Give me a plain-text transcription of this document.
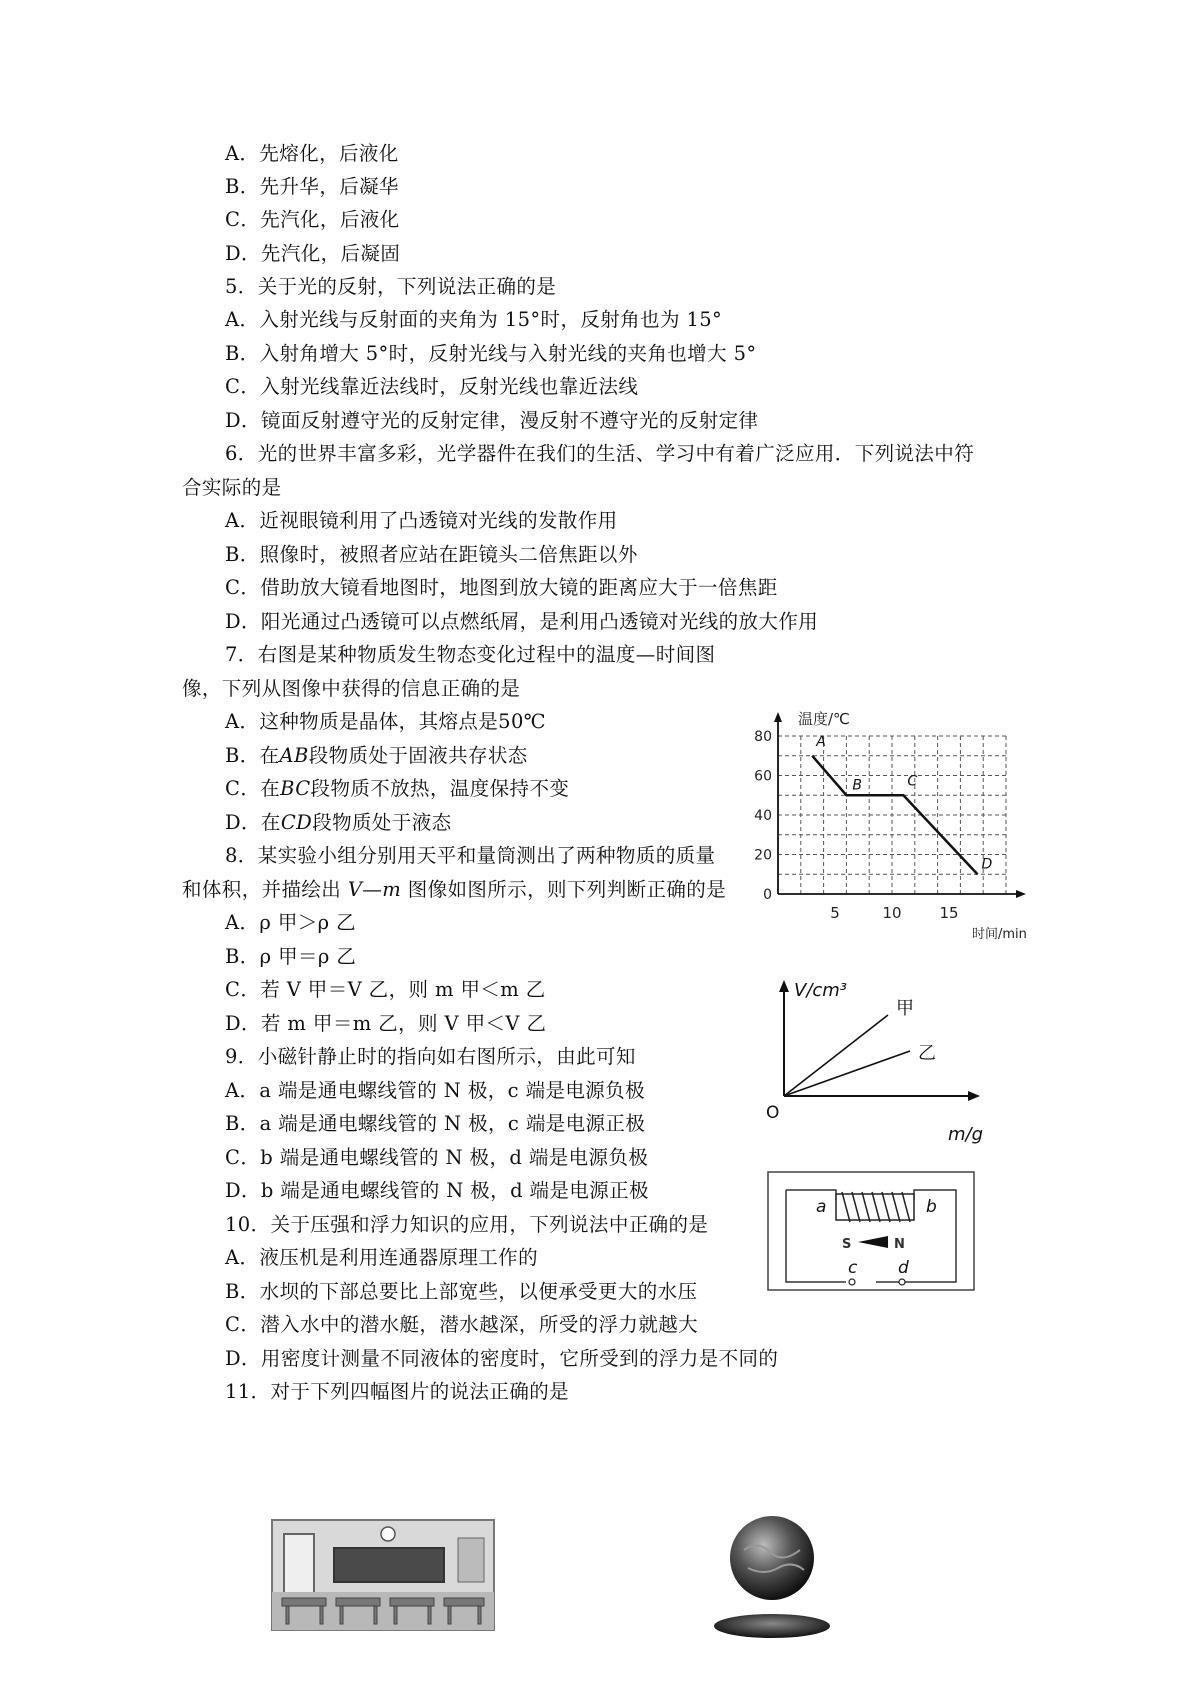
A．先熔化，后液化
B．先升华，后凝华
C．先汽化，后液化
D．先汽化，后凝固
5．关于光的反射，下列说法正确的是
A．入射光线与反射面的夹角为 15°时，反射角也为 15°
B．入射角增大 5°时，反射光线与入射光线的夹角也增大 5°
C．入射光线靠近法线时，反射光线也靠近法线
D．镜面反射遵守光的反射定律，漫反射不遵守光的反射定律
6．光的世界丰富多彩，光学器件在我们的生活、学习中有着广泛应用．下列说法中符
合实际的是
A．近视眼镜利用了凸透镜对光线的发散作用
B．照像时，被照者应站在距镜头二倍焦距以外
C．借助放大镜看地图时，地图到放大镜的距离应大于一倍焦距
D．阳光通过凸透镜可以点燃纸屑，是利用凸透镜对光线的放大作用
7．右图是某种物质发生物态变化过程中的温度—时间图
像，下列从图像中获得的信息正确的是
A．这种物质是晶体，其熔点是50℃
B．在AB段物质处于固液共存状态
C．在BC段物质不放热，温度保持不变
D．在CD段物质处于液态
8．某实验小组分别用天平和量筒测出了两种物质的质量
和体积，并描绘出 V—m 图像如图所示，则下列判断正确的是
A．ρ 甲＞ρ 乙
B．ρ 甲＝ρ 乙
C．若 V 甲＝V 乙，则 m 甲＜m 乙
D．若 m 甲＝m 乙，则 V 甲＜V 乙
9．小磁针静止时的指向如右图所示，由此可知
A．a 端是通电螺线管的 N 极，c 端是电源负极
B．a 端是通电螺线管的 N 极，c 端是电源正极
C．b 端是通电螺线管的 N 极，d 端是电源负极
D．b 端是通电螺线管的 N 极，d 端是电源正极
10．关于压强和浮力知识的应用，下列说法中正确的是
A．液压机是利用连通器原理工作的
B．水坝的下部总要比上部宽些，以便承受更大的水压
C．潜入水中的潜水艇，潜水越深，所受的浮力就越大
D．用密度计测量不同液体的密度时，它所受到的浮力是不同的
11．对于下列四幅图片的说法正确的是
温度/℃
时间/min
0
20
40
60
80
5	10	15
A
B	C
D
V/cm³
甲
乙
O
m/g
a	b
S	N
c d
